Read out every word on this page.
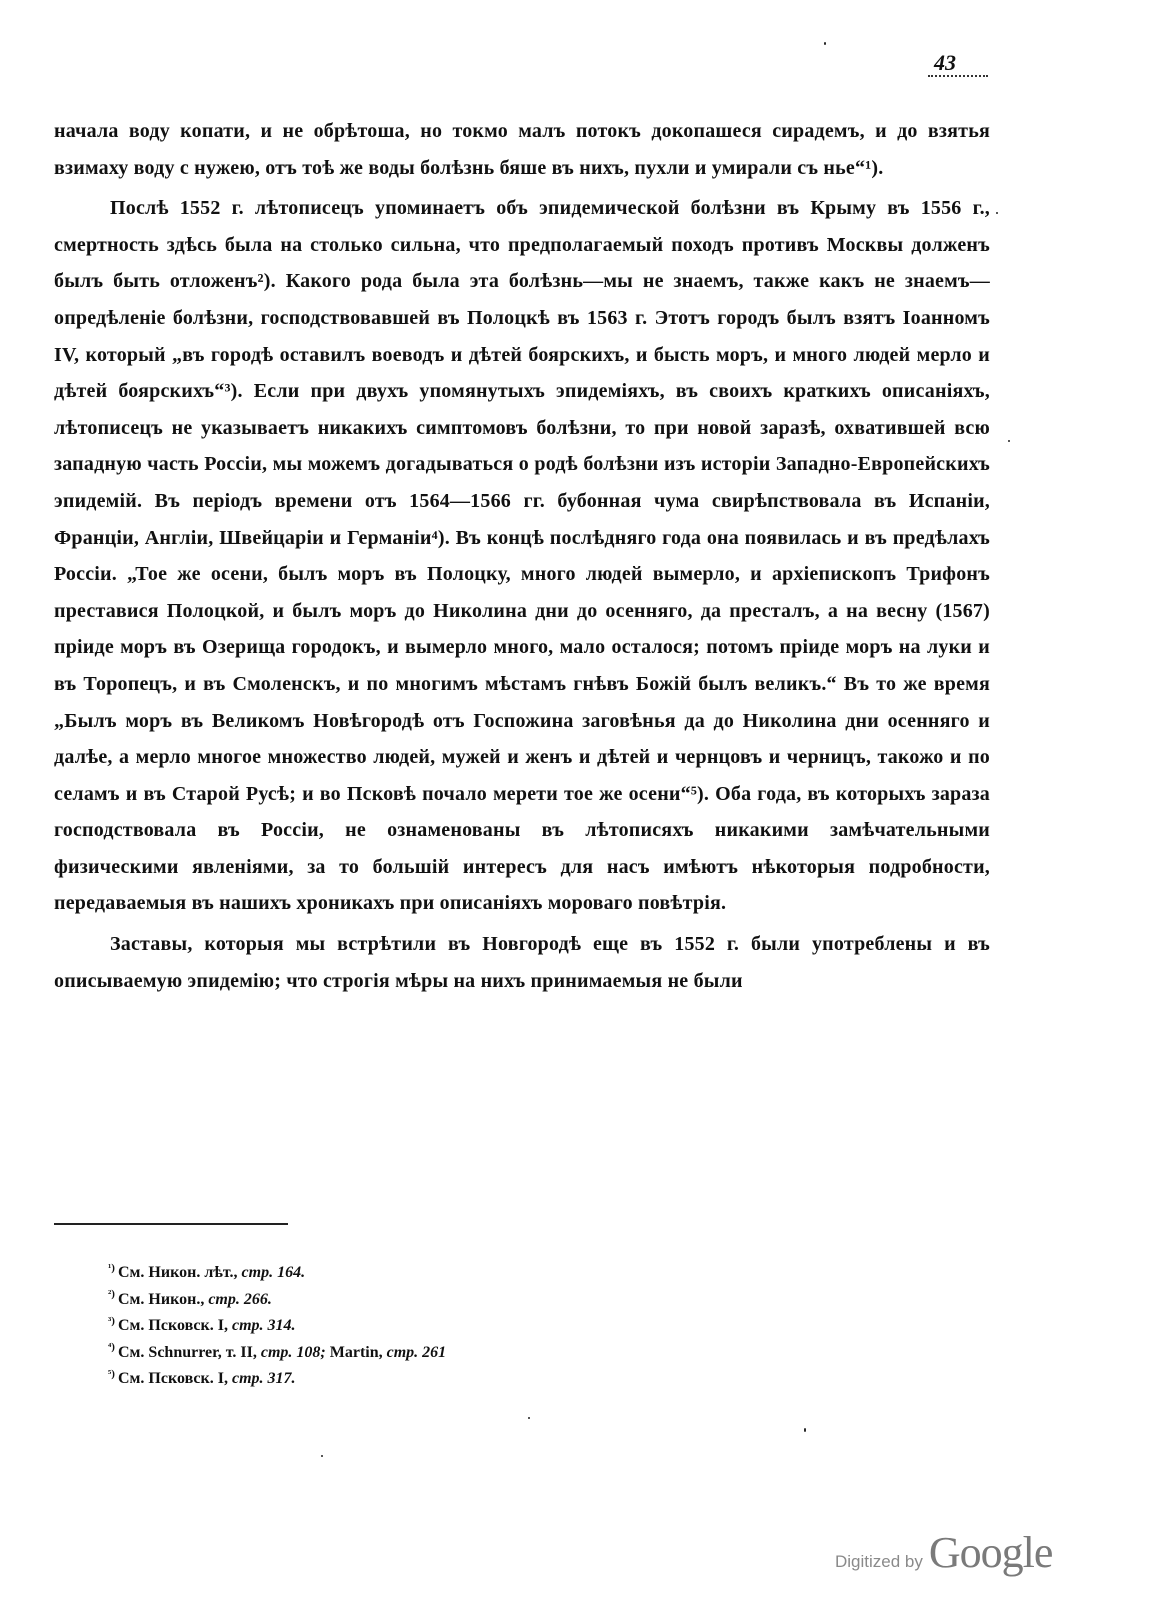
43

начала воду копати, и не обрѣтоша, но токмо малъ потокъ докопашеся сирадемъ, и до взятья взимаху воду с нужею, отъ тоѣ же воды болѣзнь бяше въ нихъ, пухли и умирали съ нье“¹).

Послѣ 1552 г. лѣтописецъ упоминаетъ объ эпидемической болѣзни въ Крыму въ 1556 г., смертность здѣсь была на столько сильна, что предполагаемый походъ противъ Москвы долженъ былъ быть отложенъ²). Какого рода была эта болѣзнь—мы не знаемъ, также какъ не знаемъ—опредѣленіе болѣзни, господствовавшей въ Полоцкѣ въ 1563 г. Этотъ городъ былъ взятъ Іоанномъ IV, который „въ городѣ оставилъ воеводъ и дѣтей боярскихъ, и бысть моръ, и много людей мерло и дѣтей боярскихъ“³). Если при двухъ упомянутыхъ эпидеміяхъ, въ своихъ краткихъ описаніяхъ, лѣтописецъ не указываетъ никакихъ симптомовъ болѣзни, то при новой заразѣ, охватившей всю западную часть Россіи, мы можемъ догадываться о родѣ болѣзни изъ исторіи Западно-Европейскихъ эпидемій. Въ періодъ времени отъ 1564—1566 гг. бубонная чума свирѣпствовала въ Испаніи, Франціи, Англіи, Швейцаріи и Германіи⁴). Въ концѣ послѣдняго года она появилась и въ предѣлахъ Россіи. „Тое же осени, былъ моръ въ Полоцку, много людей вымерло, и архіепископъ Трифонъ преставися Полоцкой, и былъ моръ до Николина дни до осенняго, да престалъ, а на весну (1567) пріиде моръ въ Озерища городокъ, и вымерло много, мало осталося; потомъ пріиде моръ на луки и въ Торопецъ, и въ Смоленскъ, и по многимъ мѣстамъ гнѣвъ Божій былъ великъ.“ Въ то же время „Былъ моръ въ Великомъ Новѣгородѣ отъ Госпожина заговѣнья да до Николина дни осенняго и далѣе, а мерло многое множество людей, мужей и женъ и дѣтей и чернцовъ и черницъ, такожо и по селамъ и въ Старой Русѣ; и во Псковѣ почало мерети тое же осени“⁵). Оба года, въ которыхъ зараза господствовала въ Россіи, не ознаменованы въ лѣтописяхъ никакими замѣчательными физическими явленіями, за то большій интересъ для насъ имѣютъ нѣкоторыя подробности, передаваемыя въ нашихъ хроникахъ при описаніяхъ мороваго повѣтрія.

Заставы, которыя мы встрѣтили въ Новгородѣ еще въ 1552 г. были употреблены и въ описываемую эпидемію; что строгія мѣры на нихъ принимаемыя не были

$^{^1)}$ См. Никон. лѣт., стр. 164.
$^{^2)}$ См. Никон., стр. 266.
$^{^3)}$ См. Псковск. I, стр. 314.
$^{^4)}$ См. Schnurrer, т. II, стр. 108; Martin, стр. 261
$^{^5)}$ См. Псковск. I, стр. 317.
Digitized by Google
